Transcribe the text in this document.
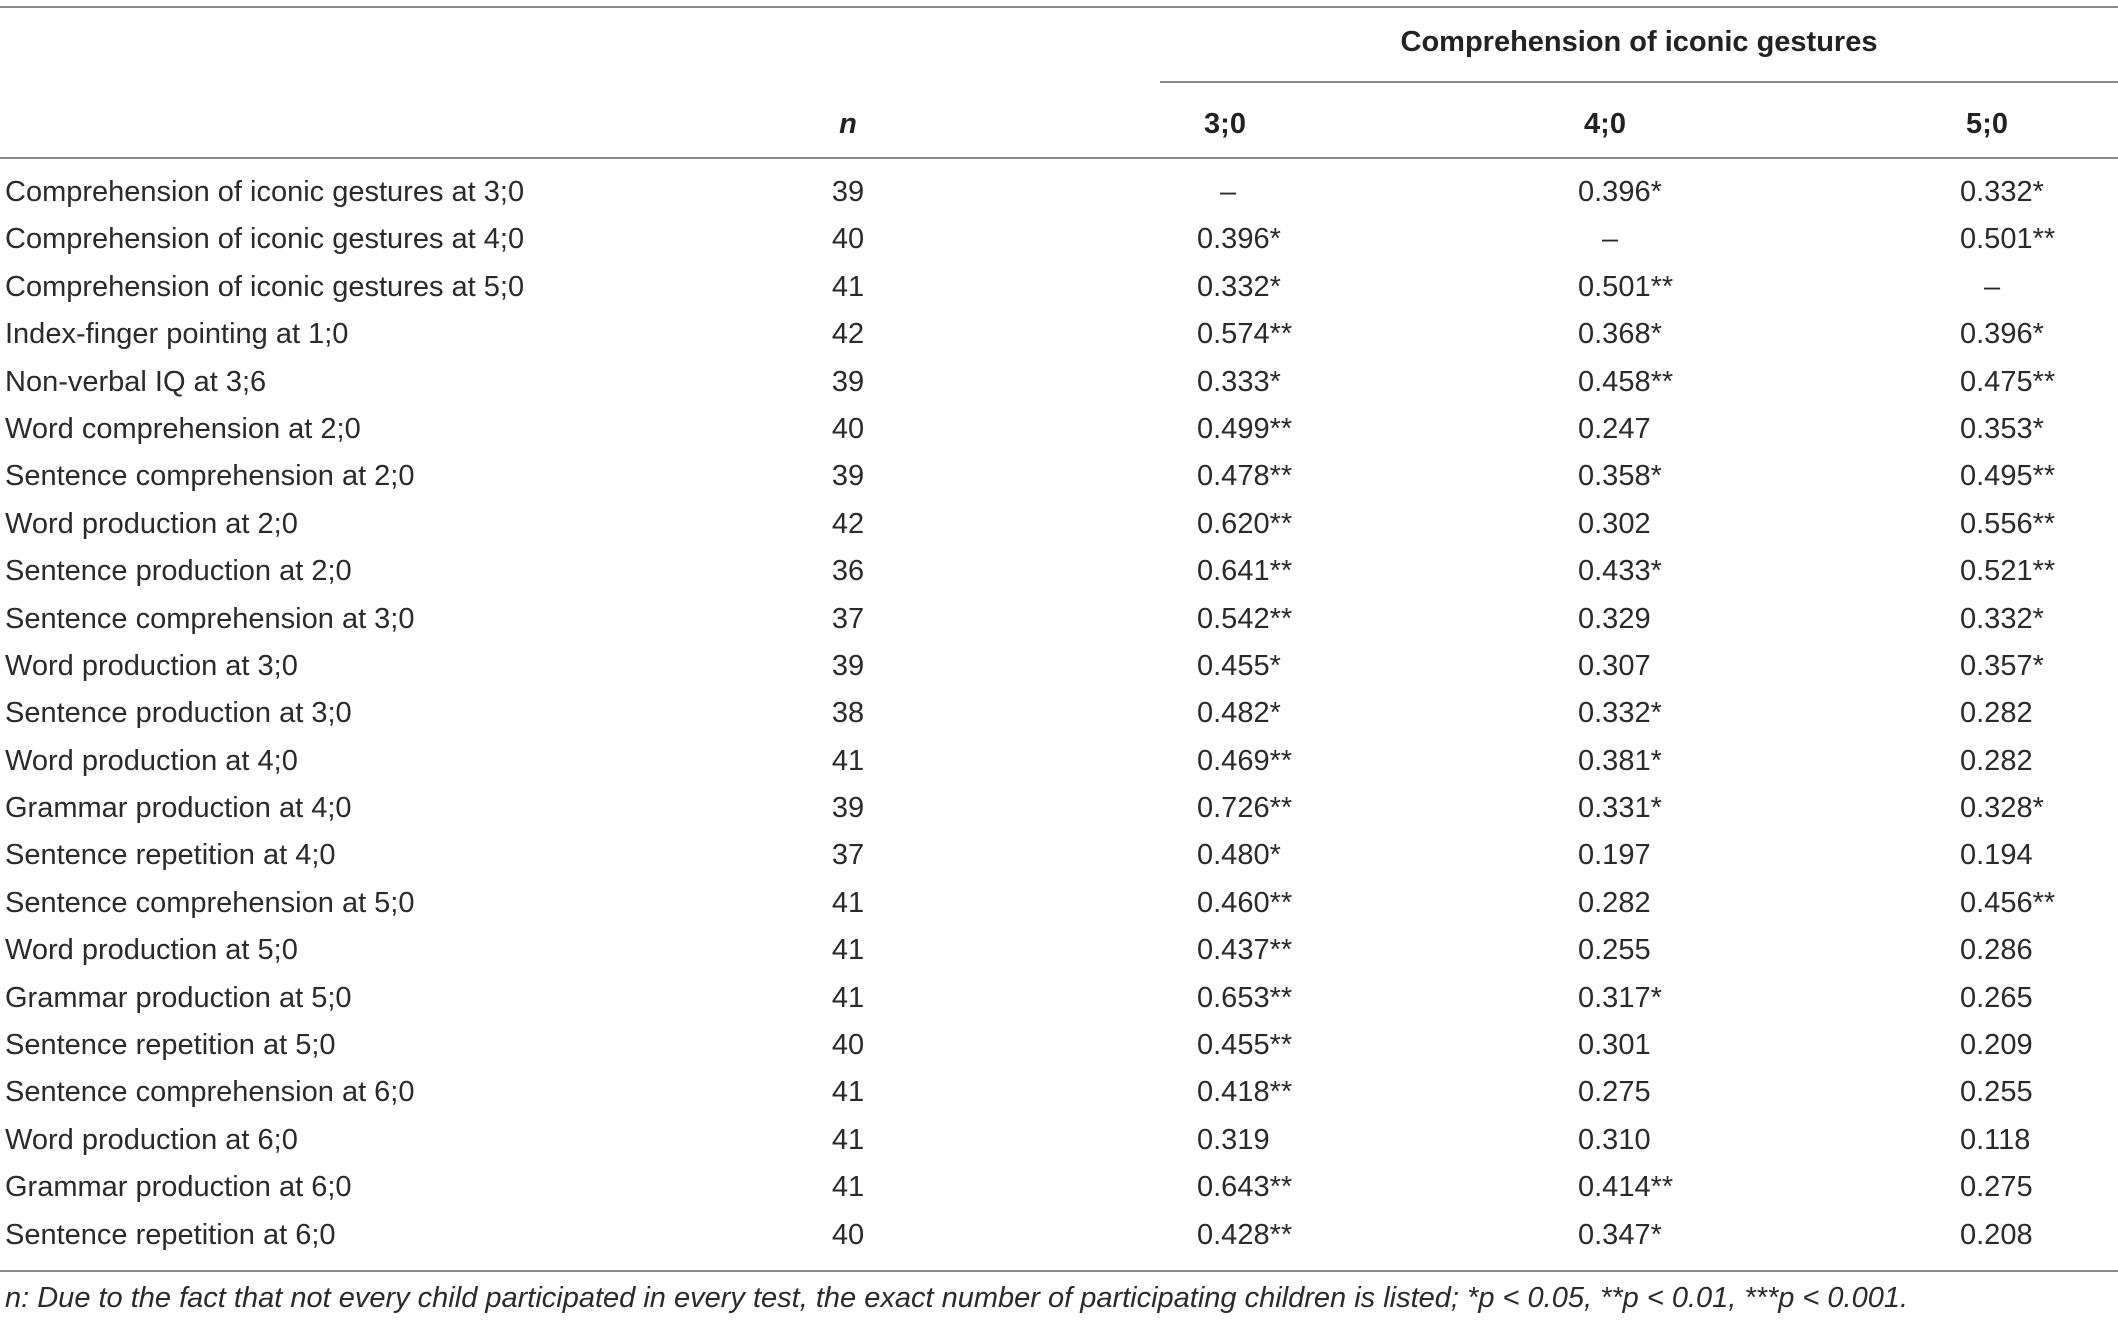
Comprehension of iconic gestures
n	3;0	4;0	5;0
Comprehension of iconic gestures at 3;0	39	–	0.396*	0.332*
Comprehension of iconic gestures at 4;0	40	0.396*	–	0.501**
Comprehension of iconic gestures at 5;0	41	0.332*	0.501**	–
Index-finger pointing at 1;0	42	0.574**	0.368*	0.396*
Non-verbal IQ at 3;6	39	0.333*	0.458**	0.475**
Word comprehension at 2;0	40	0.499**	0.247	0.353*
Sentence comprehension at 2;0	39	0.478**	0.358*	0.495**
Word production at 2;0	42	0.620**	0.302	0.556**
Sentence production at 2;0	36	0.641**	0.433*	0.521**
Sentence comprehension at 3;0	37	0.542**	0.329	0.332*
Word production at 3;0	39	0.455*	0.307	0.357*
Sentence production at 3;0	38	0.482*	0.332*	0.282
Word production at 4;0	41	0.469**	0.381*	0.282
Grammar production at 4;0	39	0.726**	0.331*	0.328*
Sentence repetition at 4;0	37	0.480*	0.197	0.194
Sentence comprehension at 5;0	41	0.460**	0.282	0.456**
Word production at 5;0	41	0.437**	0.255	0.286
Grammar production at 5;0	41	0.653**	0.317*	0.265
Sentence repetition at 5;0	40	0.455**	0.301	0.209
Sentence comprehension at 6;0	41	0.418**	0.275	0.255
Word production at 6;0	41	0.319	0.310	0.118
Grammar production at 6;0	41	0.643**	0.414**	0.275
Sentence repetition at 6;0	40	0.428**	0.347*	0.208
n: Due to the fact that not every child participated in every test, the exact number of participating children is listed; *p < 0.05, **p < 0.01, ***p < 0.001.
